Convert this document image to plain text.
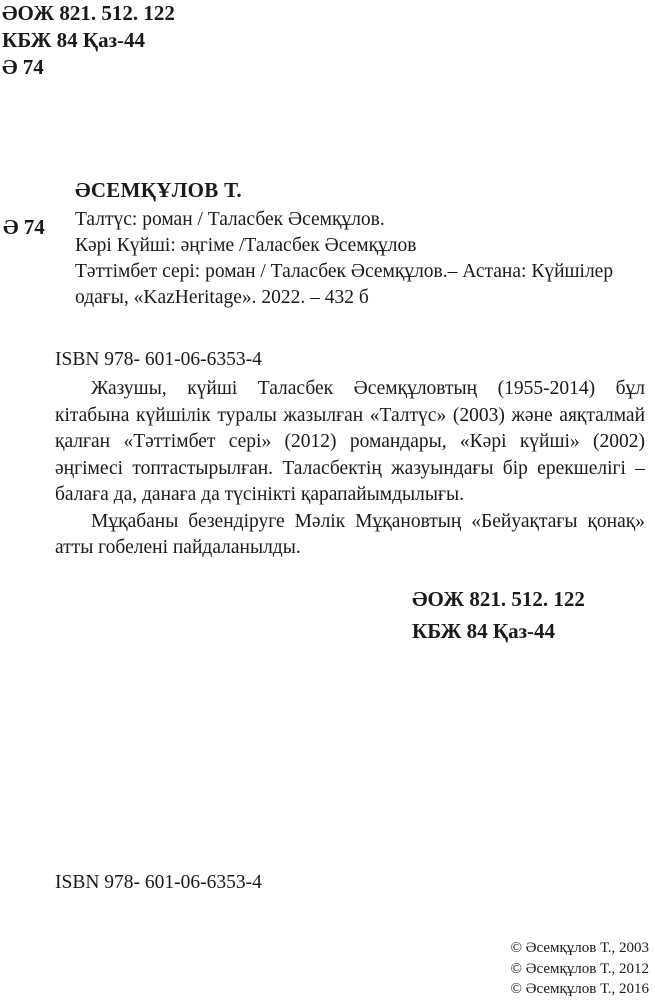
ӘОЖ 821. 512. 122
КБЖ 84 Қаз-44
Ә 74
Ә 74
ӘСЕМҚҰЛОВ Т.
Талтүс: роман / Таласбек Әсемқұлов.
Кәрі Күйші: әңгіме /Таласбек Әсемқұлов
Тәттімбет сері: роман / Таласбек Әсемқұлов.– Астана: Күйшілер
одағы, «KazHeritage». 2022. – 432 б
ISBN 978- 601-06-6353-4

Жазушы, күйші Таласбек Әсемқұловтың (1955-2014) бұл кітабына күйшілік туралы жазылған «Талтүс» (2003) және аяқталмай қалған «Тәттімбет сері» (2012) романдары, «Кәрі күйші» (2002) әңгімесі топтастырылған. Таласбектің жазуындағы бір ерекшелігі – балаға да, данаға да түсінікті қарапайымдылығы.

Мұқабаны безендіруге Мәлік Мұқановтың «Бейуақтағы қонақ» атты гобелені пайдаланылды.

ӘОЖ 821. 512. 122
КБЖ 84 Қаз-44
ISBN 978- 601-06-6353-4
© Әсемқұлов Т., 2003
© Әсемқұлов Т., 2012
© Әсемқұлов Т., 2016
